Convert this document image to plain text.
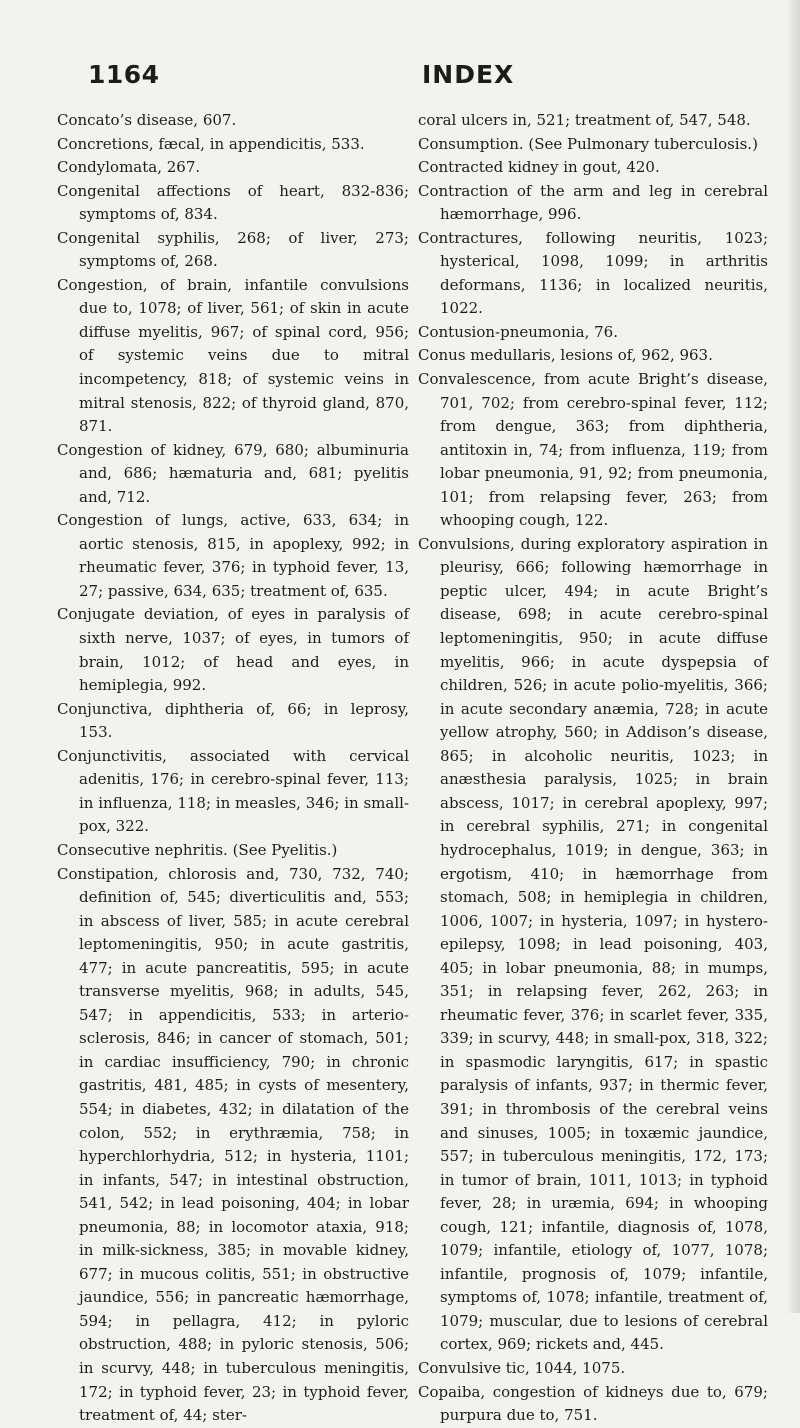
1164	INDEX

Concato’s disease, 607.

Concretions, fæcal, in appendicitis, 533.

Condylomata, 267.

Congenital affections of heart, 832-836; symptoms of, 834.

Congenital syphilis, 268; of liver, 273; symptoms of, 268.

Congestion, of brain, infantile convulsions due to, 1078; of liver, 561; of skin in acute diffuse myelitis, 967; of spinal cord, 956; of systemic veins due to mitral incompetency, 818; of systemic veins in mitral stenosis, 822; of thyroid gland, 870, 871.

Congestion of kidney, 679, 680; albuminuria and, 686; hæmaturia and, 681; pyelitis and, 712.

Congestion of lungs, active, 633, 634; in aortic stenosis, 815, in apoplexy, 992; in rheumatic fever, 376; in typhoid fever, 13, 27; passive, 634, 635; treatment of, 635.

Conjugate deviation, of eyes in paralysis of sixth nerve, 1037; of eyes, in tumors of brain, 1012; of head and eyes, in hemiplegia, 992.

Conjunctiva, diphtheria of, 66; in leprosy, 153.

Conjunctivitis, associated with cervical adenitis, 176; in cerebro-spinal fever, 113; in influenza, 118; in measles, 346; in small-pox, 322.

Consecutive nephritis. (See Pyelitis.)

Constipation, chlorosis and, 730, 732, 740; definition of, 545; diverticulitis and, 553; in abscess of liver, 585; in acute cerebral leptomeningitis, 950; in acute gastritis, 477; in acute pancreatitis, 595; in acute transverse myelitis, 968; in adults, 545, 547; in appendicitis, 533; in arterio-sclerosis, 846; in cancer of stomach, 501; in cardiac insufficiency, 790; in chronic gastritis, 481, 485; in cysts of mesentery, 554; in diabetes, 432; in dilatation of the colon, 552; in erythræmia, 758; in hyperchlorhydria, 512; in hysteria, 1101; in infants, 547; in intestinal obstruction, 541, 542; in lead poisoning, 404; in lobar pneumonia, 88; in locomotor ataxia, 918; in milk-sickness, 385; in movable kidney, 677; in mucous colitis, 551; in obstructive jaundice, 556; in pancreatic hæmorrhage, 594; in pellagra, 412; in pyloric obstruction, 488; in pyloric stenosis, 506; in scurvy, 448; in tuberculous meningitis, 172; in typhoid fever, 23; in typhoid fever, treatment of, 44; ster-

coral ulcers in, 521; treatment of, 547, 548.

Consumption. (See Pulmonary tuberculosis.)

Contracted kidney in gout, 420.

Contraction of the arm and leg in cerebral hæmorrhage, 996.

Contractures, following neuritis, 1023; hysterical, 1098, 1099; in arthritis deformans, 1136; in localized neuritis, 1022.

Contusion-pneumonia, 76.

Conus medullaris, lesions of, 962, 963.

Convalescence, from acute Bright’s disease, 701, 702; from cerebro-spinal fever, 112; from dengue, 363; from diphtheria, antitoxin in, 74; from influenza, 119; from lobar pneumonia, 91, 92; from pneumonia, 101; from relapsing fever, 263; from whooping cough, 122.

Convulsions, during exploratory aspiration in pleurisy, 666; following hæmorrhage in peptic ulcer, 494; in acute Bright’s disease, 698; in acute cerebro-spinal leptomeningitis, 950; in acute diffuse myelitis, 966; in acute dyspepsia of children, 526; in acute polio-myelitis, 366; in acute secondary anæmia, 728; in acute yellow atrophy, 560; in Addison’s disease, 865; in alcoholic neuritis, 1023; in anæsthesia paralysis, 1025; in brain abscess, 1017; in cerebral apoplexy, 997; in cerebral syphilis, 271; in congenital hydrocephalus, 1019; in dengue, 363; in ergotism, 410; in hæmorrhage from stomach, 508; in hemiplegia in children, 1006, 1007; in hysteria, 1097; in hystero-epilepsy, 1098; in lead poisoning, 403, 405; in lobar pneumonia, 88; in mumps, 351; in relapsing fever, 262, 263; in rheumatic fever, 376; in scarlet fever, 335, 339; in scurvy, 448; in small-pox, 318, 322; in spasmodic laryngitis, 617; in spastic paralysis of infants, 937; in thermic fever, 391; in thrombosis of the cerebral veins and sinuses, 1005; in toxæmic jaundice, 557; in tuberculous meningitis, 172, 173; in tumor of brain, 1011, 1013; in typhoid fever, 28; in uræmia, 694; in whooping cough, 121; infantile, diagnosis of, 1078, 1079; infantile, etiology of, 1077, 1078; infantile, prognosis of, 1079; infantile, symptoms of, 1078; infantile, treatment of, 1079; muscular, due to lesions of cerebral cortex, 969; rickets and, 445.

Convulsive tic, 1044, 1075.

Copaiba, congestion of kidneys due to, 679; purpura due to, 751.
